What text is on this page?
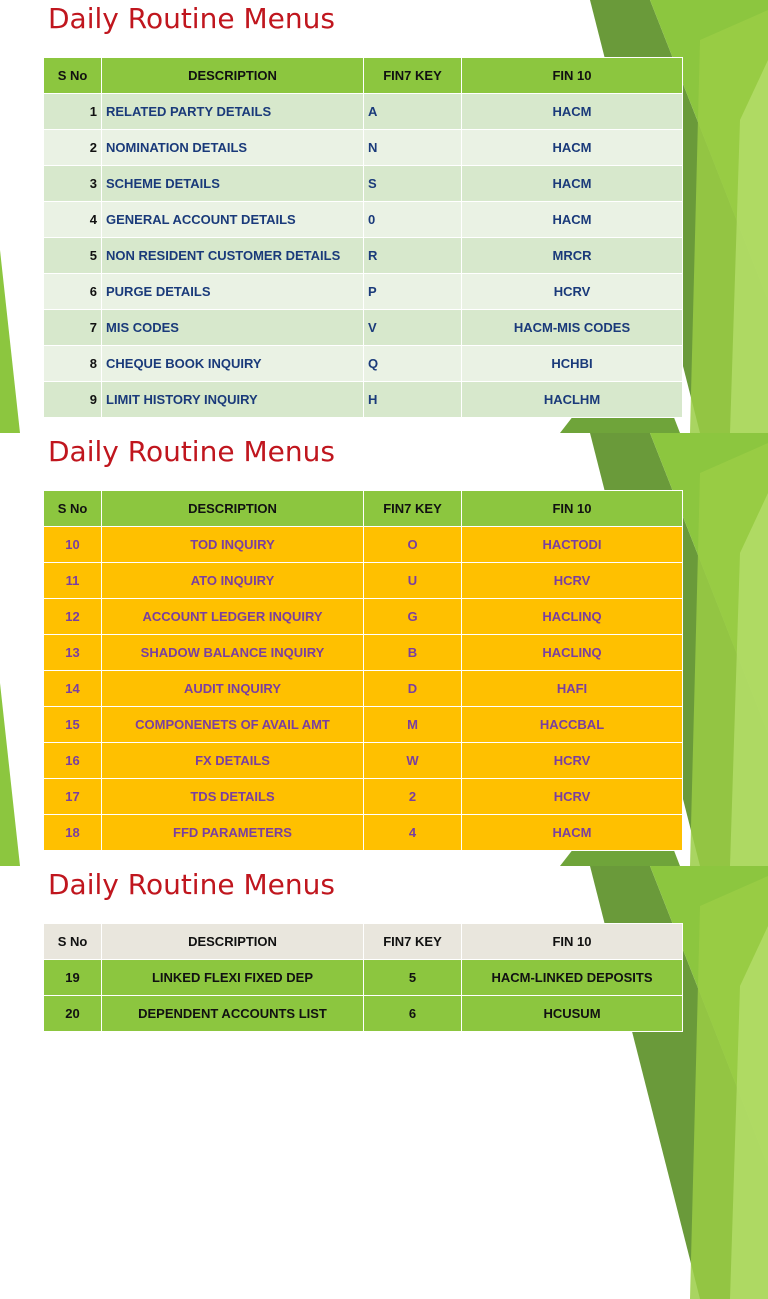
Daily Routine Menus
S No	DESCRIPTION	FIN7 KEY	FIN 10
1	RELATED PARTY DETAILS	A	HACM
2	NOMINATION DETAILS	N	HACM
3	SCHEME DETAILS	S	HACM
4	GENERAL ACCOUNT DETAILS	0	HACM
5	NON RESIDENT CUSTOMER DETAILS	R	MRCR
6	PURGE DETAILS	P	HCRV
7	MIS CODES	V	HACM-MIS CODES
8	CHEQUE BOOK INQUIRY	Q	HCHBI
9	LIMIT HISTORY INQUIRY	H	HACLHM
Daily Routine Menus
S No	DESCRIPTION	FIN7 KEY	FIN 10
10	TOD INQUIRY	O	HACTODI
11	ATO INQUIRY	U	HCRV
12	ACCOUNT LEDGER INQUIRY	G	HACLINQ
13	SHADOW BALANCE INQUIRY	B	HACLINQ
14	AUDIT INQUIRY	D	HAFI
15	COMPONENETS OF AVAIL AMT	M	HACCBAL
16	FX DETAILS	W	HCRV
17	TDS DETAILS	2	HCRV
18	FFD PARAMETERS	4	HACM
Daily Routine Menus
S No	DESCRIPTION	FIN7 KEY	FIN 10
19	LINKED FLEXI FIXED DEP	5	HACM-LINKED DEPOSITS
20	DEPENDENT ACCOUNTS LIST	6	HCUSUM
